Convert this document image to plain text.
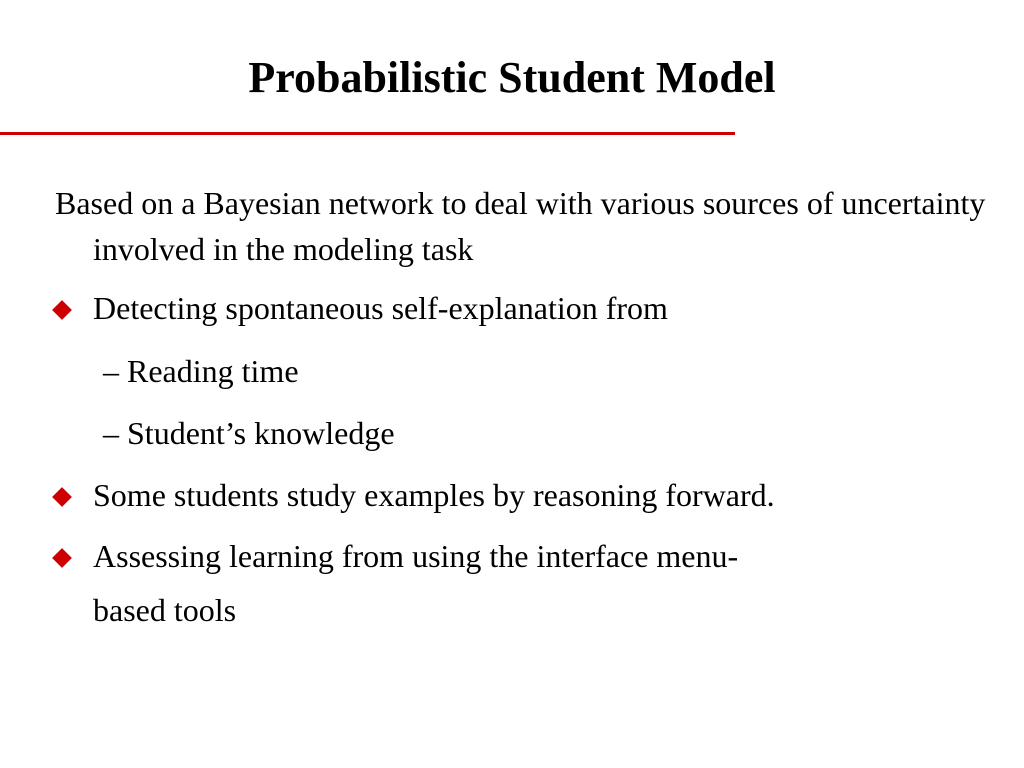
Probabilistic Student Model
Based on a Bayesian network to deal with various sources of uncertainty involved in the modeling task
Detecting spontaneous self-explanation from
– Reading time
– Student’s knowledge
Some students study examples by reasoning forward.
Assessing learning from using the interface menu-
based tools
